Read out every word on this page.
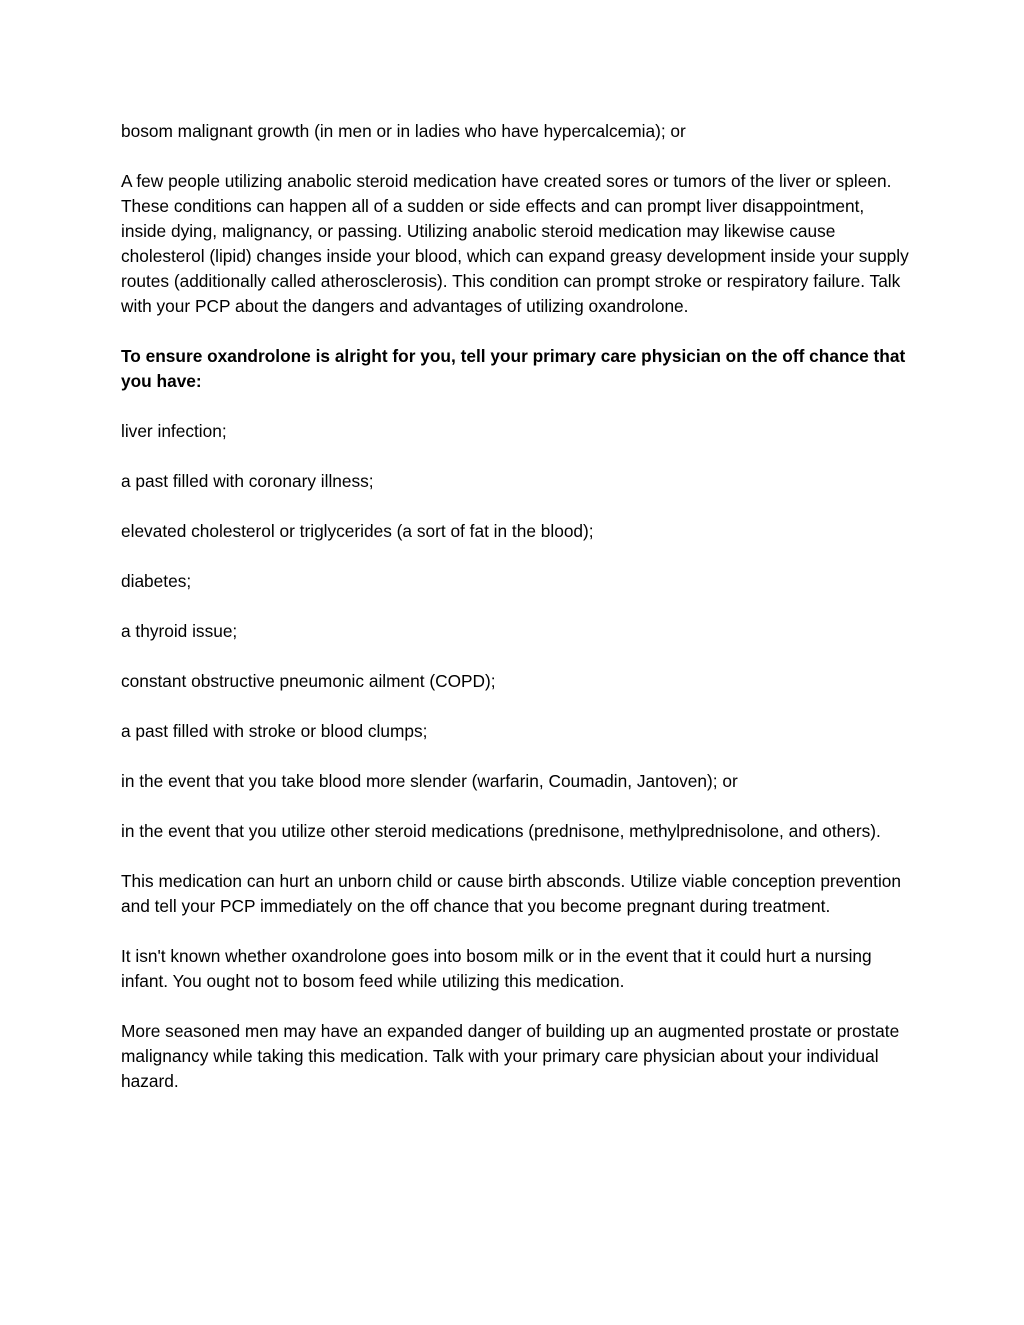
bosom malignant growth (in men or in ladies who have hypercalcemia); or

A few people utilizing anabolic steroid medication have created sores or tumors of the liver or spleen. These conditions can happen all of a sudden or side effects and can prompt liver disappointment, inside dying, malignancy, or passing. Utilizing anabolic steroid medication may likewise cause cholesterol (lipid) changes inside your blood, which can expand greasy development inside your supply routes (additionally called atherosclerosis). This condition can prompt stroke or respiratory failure. Talk with your PCP about the dangers and advantages of utilizing oxandrolone.

To ensure oxandrolone is alright for you, tell your primary care physician on the off chance that you have:

liver infection;

a past filled with coronary illness;

elevated cholesterol or triglycerides (a sort of fat in the blood);

diabetes;

a thyroid issue;

constant obstructive pneumonic ailment (COPD);

a past filled with stroke or blood clumps;

in the event that you take blood more slender (warfarin, Coumadin, Jantoven); or

in the event that you utilize other steroid medications (prednisone, methylprednisolone, and others).

This medication can hurt an unborn child or cause birth absconds. Utilize viable conception prevention and tell your PCP immediately on the off chance that you become pregnant during treatment.

It isn't known whether oxandrolone goes into bosom milk or in the event that it could hurt a nursing infant. You ought not to bosom feed while utilizing this medication.

More seasoned men may have an expanded danger of building up an augmented prostate or prostate malignancy while taking this medication. Talk with your primary care physician about your individual hazard.
